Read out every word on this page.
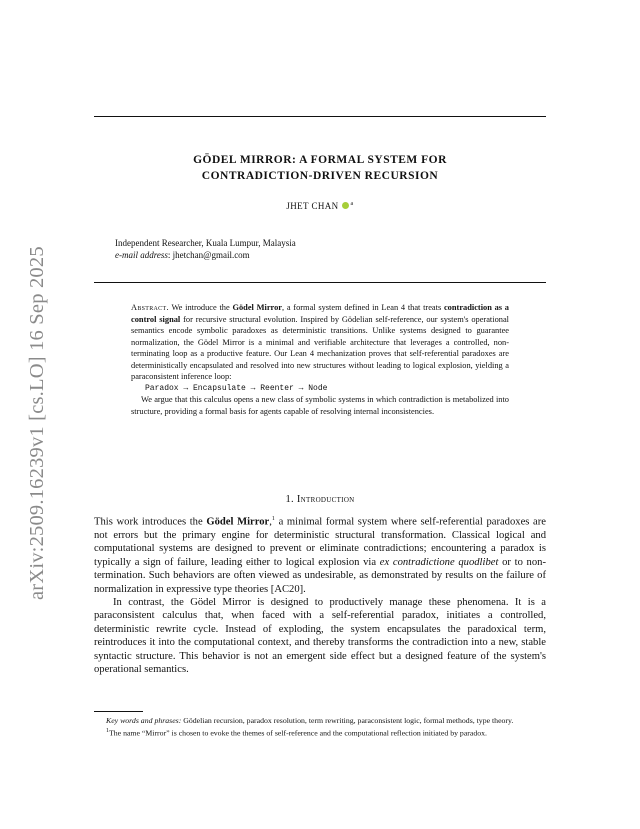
arXiv:2509.16239v1 [cs.LO] 16 Sep 2025
GÖDEL MIRROR: A FORMAL SYSTEM FOR
CONTRADICTION-DRIVEN RECURSION
JHET CHAN $^a$
Independent Researcher, Kuala Lumpur, Malaysia
e-mail address: jhetchan@gmail.com

Abstract. We introduce the Gödel Mirror, a formal system defined in Lean 4 that treats contradiction as a control signal for recursive structural evolution. Inspired by Gödelian self-reference, our system's operational semantics encode symbolic paradoxes as deterministic transitions. Unlike systems designed to guarantee normalization, the Gödel Mirror is a minimal and verifiable architecture that leverages a controlled, non-terminating loop as a productive feature. Our Lean 4 mechanization proves that self-referential paradoxes are deterministically encapsulated and resolved into new structures without leading to logical explosion, yielding a paraconsistent inference loop:

Paradox → Encapsulate → Reenter → Node

We argue that this calculus opens a new class of symbolic systems in which contradiction is metabolized into structure, providing a formal basis for agents capable of resolving internal inconsistencies.

1. Introduction

This work introduces the Gödel Mirror,$^1$ a minimal formal system where self-referential paradoxes are not errors but the primary engine for deterministic structural transformation. Classical logical and computational systems are designed to prevent or eliminate contradictions; encountering a paradox is typically a sign of failure, leading either to logical explosion via ex contradictione quodlibet or to non-termination. Such behaviors are often viewed as undesirable, as demonstrated by results on the failure of normalization in expressive type theories [AC20].

In contrast, the Gödel Mirror is designed to productively manage these phenomena. It is a paraconsistent calculus that, when faced with a self-referential paradox, initiates a controlled, deterministic rewrite cycle. Instead of exploding, the system encapsulates the paradoxical term, reintroduces it into the computational context, and thereby transforms the contradiction into a new, stable syntactic structure. This behavior is not an emergent side effect but a designed feature of the system's operational semantics.

Key words and phrases: Gödelian recursion, paradox resolution, term rewriting, paraconsistent logic, formal methods, type theory.

$^1$The name “Mirror” is chosen to evoke the themes of self-reference and the computational reflection initiated by paradox.
